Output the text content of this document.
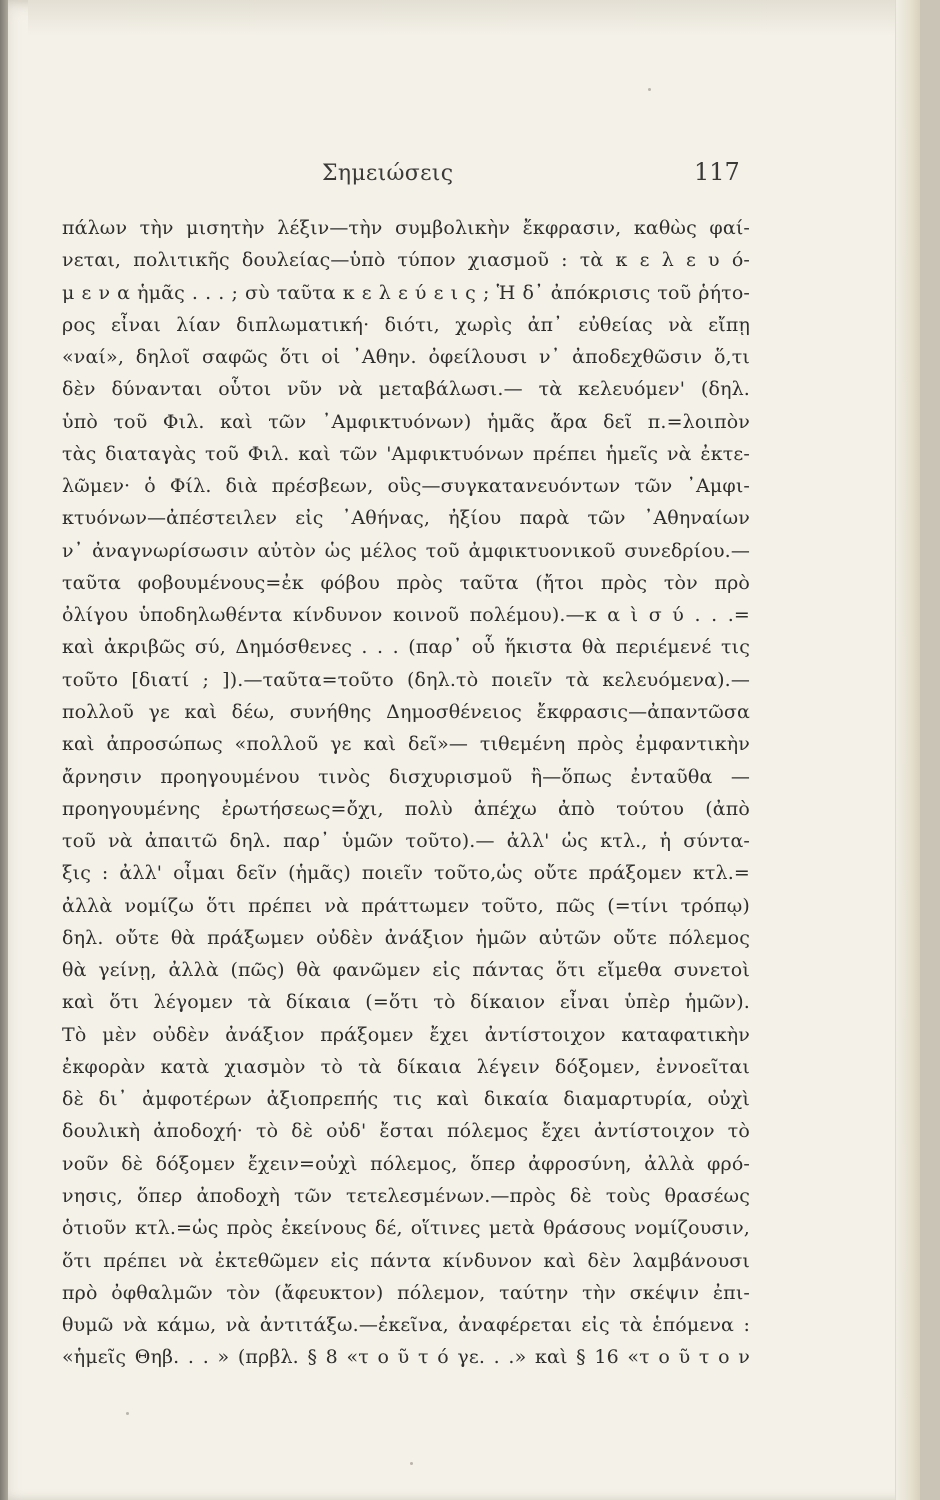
Σημειώσεις	117
πάλων τὴν μισητὴν λέξιν—τὴν συμβολικὴν ἔκφρασιν, καθὼς φαί-
νεται, πολιτικῆς δουλείας—ὑπὸ τύπον χιασμοῦ : τὰ κ ε λ ε υ ό-
μ ε ν α ἡμᾶς . . . ; σὺ ταῦτα κ ε λ ε ύ ε ι ς ; Ἡ δ᾿ ἀπόκρισις τοῦ ῥήτο-
ρος εἶναι λίαν διπλωματική· διότι, χωρὶς ἀπ᾿ εὐθείας νὰ εἴπῃ
«ναί», δηλοῖ σαφῶς ὅτι οἱ ᾿Αθην. ὀφείλουσι ν᾿ ἀποδεχθῶσιν ὅ,τι
δὲν δύνανται οὗτοι νῦν νὰ μεταβάλωσι.— τὰ κελευόμεν' (δηλ.
ὑπὸ τοῦ Φιλ. καὶ τῶν ᾿Αμφικτυόνων) ἡμᾶς ἄρα δεῖ π.=λοιπὸν
τὰς διαταγὰς τοῦ Φιλ. καὶ τῶν 'Αμφικτυόνων πρέπει ἡμεῖς νὰ ἐκτε-
λῶμεν· ὁ Φίλ. διὰ πρέσβεων, οὓς—συγκατανευόντων τῶν ᾿Αμφι-
κτυόνων—ἀπέστειλεν εἰς ᾿Αθήνας, ἠξίου παρὰ τῶν ᾿Αθηναίων
ν᾿ ἀναγνωρίσωσιν αὐτὸν ὡς μέλος τοῦ ἀμφικτυονικοῦ συνεδρίου.—
ταῦτα φοβουμένους=ἐκ φόβου πρὸς ταῦτα (ἤτοι πρὸς τὸν πρὸ
ὀλίγου ὑποδηλωθέντα κίνδυνον κοινοῦ πολέμου).—κ α ὶ σ ύ . . .=
καὶ ἀκριβῶς σύ, Δημόσθενες . . . (παρ᾿ οὗ ἥκιστα θὰ περιέμενέ τις
τοῦτο [διατί ; ]).—ταῦτα=τοῦτο (δηλ.τὸ ποιεῖν τὰ κελευόμενα).—
πολλοῦ γε καὶ δέω, συνήθης Δημοσθένειος ἔκφρασις—ἀπαντῶσα
καὶ ἀπροσώπως «πολλοῦ γε καὶ δεῖ»— τιθεμένη πρὸς ἐμφαντικὴν
ἄρνησιν προηγουμένου τινὸς δισχυρισμοῦ ἢ—ὅπως ἐνταῦθα —
προηγουμένης ἐρωτήσεως=ὄχι, πολὺ ἀπέχω ἀπὸ τούτου (ἀπὸ
τοῦ νὰ ἀπαιτῶ δηλ. παρ᾿ ὑμῶν τοῦτο).— ἀλλ' ὡς κτλ., ἡ σύντα-
ξις : ἀλλ' οἶμαι δεῖν (ἡμᾶς) ποιεῖν τοῦτο,ὡς οὔτε πράξομεν κτλ.=
ἀλλὰ νομίζω ὅτι πρέπει νὰ πράττωμεν τοῦτο, πῶς (=τίνι τρόπῳ)
δηλ. οὔτε θὰ πράξωμεν οὐδὲν ἀνάξιον ἡμῶν αὐτῶν οὔτε πόλεμος
θὰ γείνῃ, ἀλλὰ (πῶς) θὰ φανῶμεν εἰς πάντας ὅτι εἴμεθα συνετοὶ
καὶ ὅτι λέγομεν τὰ δίκαια (=ὅτι τὸ δίκαιον εἶναι ὑπὲρ ἡμῶν).
Τὸ μὲν οὐδὲν ἀνάξιον πράξομεν ἔχει ἀντίστοιχον καταφατικὴν
ἐκφορὰν κατὰ χιασμὸν τὸ τὰ δίκαια λέγειν δόξομεν, ἐννοεῖται
δὲ δι᾿ ἀμφοτέρων ἀξιοπρεπής τις καὶ δικαία διαμαρτυρία, οὐχὶ
δουλικὴ ἀποδοχή· τὸ δὲ οὐδ' ἔσται πόλεμος ἔχει ἀντίστοιχον τὸ
νοῦν δὲ δόξομεν ἔχειν=οὐχὶ πόλεμος, ὅπερ ἀφροσύνη, ἀλλὰ φρό-
νησις, ὅπερ ἀποδοχὴ τῶν τετελεσμένων.—πρὸς δὲ τοὺς θρασέως
ὁτιοῦν κτλ.=ὡς πρὸς ἐκείνους δέ, οἵτινες μετὰ θράσους νομίζουσιν,
ὅτι πρέπει νὰ ἐκτεθῶμεν εἰς πάντα κίνδυνον καὶ δὲν λαμβάνουσι
πρὸ ὀφθαλμῶν τὸν (ἄφευκτον) πόλεμον, ταύτην τὴν σκέψιν ἐπι-
θυμῶ νὰ κάμω, νὰ ἀντιτάξω.—ἐκεῖνα, ἀναφέρεται εἰς τὰ ἑπόμενα :
«ἡμεῖς Θηβ. . . » (πρβλ. § 8 «τ ο ῦ τ ό γε. . .» καὶ § 16 «τ ο ῦ τ ο ν
